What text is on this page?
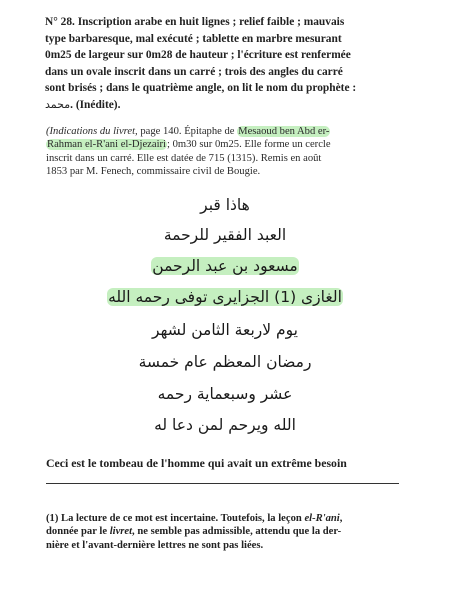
N° 28. Inscription arabe en huit lignes ; relief faible ; mauvais
type barbaresque, mal exécuté ; tablette en marbre mesurant
0m25 de largeur sur 0m28 de hauteur ; l'écriture est renfermée
dans un ovale inscrit dans un carré ; trois des angles du carré
sont brisés ; dans le quatrième angle, on lit le nom du prophète :
محمد. (Inédite).
(Indications du livret, page 140. Épitaphe de Mesaoud ben Abd er-
Rahman el-R'ani el-Djezairi; 0m30 sur 0m25. Elle forme un cercle
inscrit dans un carré. Elle est datée de 715 (1315). Remis en août
1853 par M. Fenech, commissaire civil de Bougie.
هاذا قبر
العبد الفقير للرحمة
مسعود بن عبد الرحمن
الغازى (1) الجزايرى توفى رحمه الله
يوم لاربعة الثامن لشهر
رمضان المعظم عام خمسة
عشر وسبعماية رحمه
الله ويرحم لمن دعا له
Ceci est le tombeau de l'homme qui avait un extrême besoin
(1) La lecture de ce mot est incertaine. Toutefois, la leçon el-R'ani,
donnée par le livret, ne semble pas admissible, attendu que la der-
nière et l'avant-dernière lettres ne sont pas liées.
